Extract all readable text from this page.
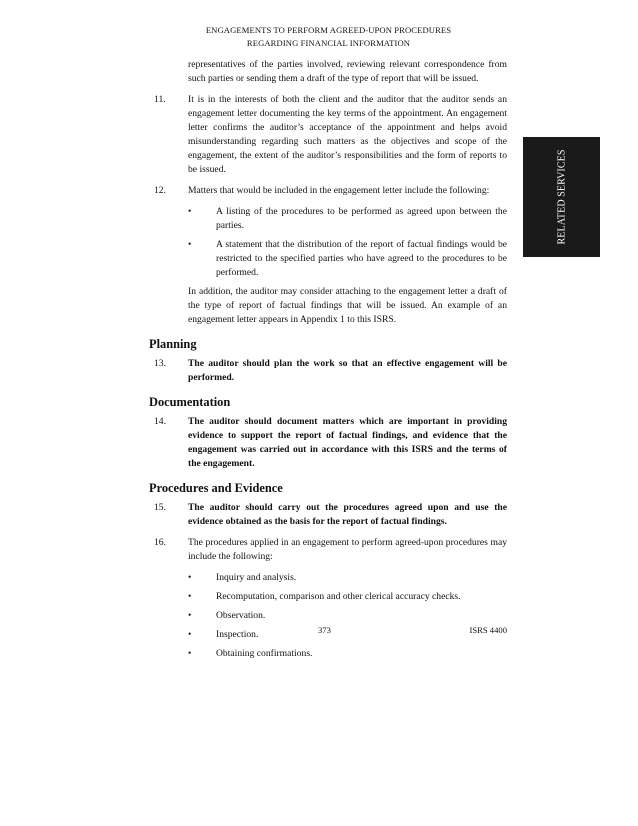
ENGAGEMENTS TO PERFORM AGREED-UPON PROCEDURES
REGARDING FINANCIAL INFORMATION
RELATED SERVICES
representatives of the parties involved, reviewing relevant correspondence from such parties or sending them a draft of the type of report that will be issued.
11.	It is in the interests of both the client and the auditor that the auditor sends an engagement letter documenting the key terms of the appointment. An engagement letter confirms the auditor’s acceptance of the appointment and helps avoid misunderstanding regarding such matters as the objectives and scope of the engagement, the extent of the auditor’s responsibilities and the form of reports to be issued.
12.	Matters that would be included in the engagement letter include the following:
•	A listing of the procedures to be performed as agreed upon between the parties.
•	A statement that the distribution of the report of factual findings would be restricted to the specified parties who have agreed to the procedures to be performed.
In addition, the auditor may consider attaching to the engagement letter a draft of the type of report of factual findings that will be issued. An example of an engagement letter appears in Appendix 1 to this ISRS.
Planning
13.	The auditor should plan the work so that an effective engagement will be performed.
Documentation
14.	The auditor should document matters which are important in providing evidence to support the report of factual findings, and evidence that the engagement was carried out in accordance with this ISRS and the terms of the engagement.
Procedures and Evidence
15.	The auditor should carry out the procedures agreed upon and use the evidence obtained as the basis for the report of factual findings.
16.	The procedures applied in an engagement to perform agreed-upon procedures may include the following:
•	Inquiry and analysis.
•	Recomputation, comparison and other clerical accuracy checks.
•	Observation.
•	Inspection.
•	Obtaining confirmations.
373	ISRS 4400
